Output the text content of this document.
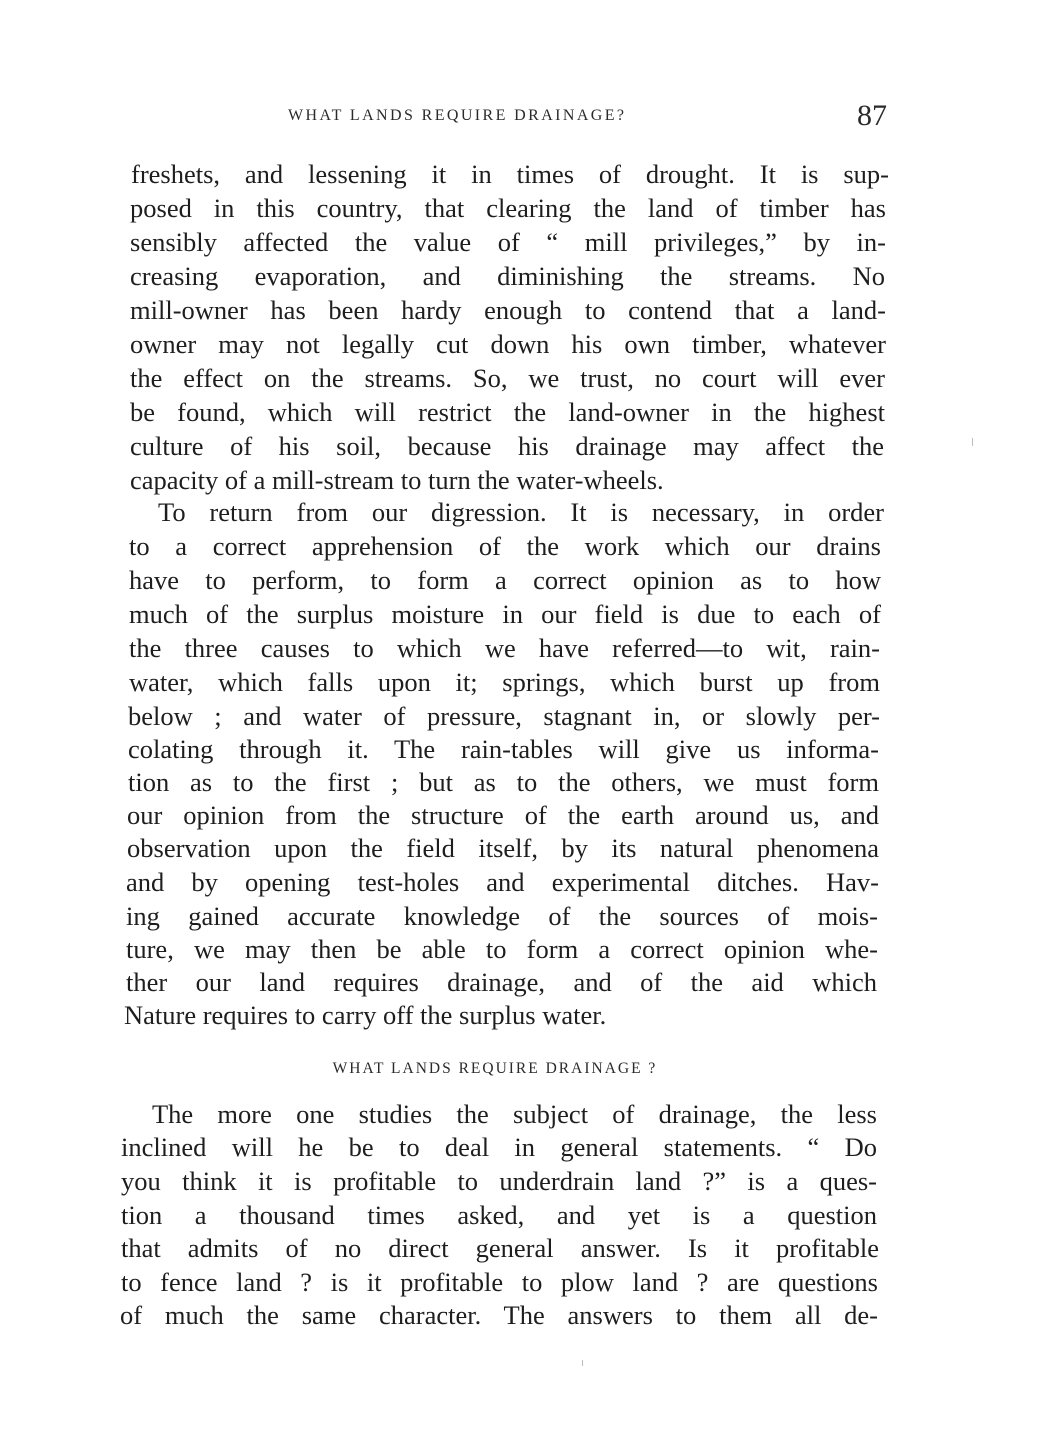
WHAT LANDS REQUIRE DRAINAGE?	87
freshets, and lessening it in times of drought. It is sup-
posed in this country, that clearing the land of timber has
sensibly affected the value of “ mill privileges,” by in-
creasing evaporation, and diminishing the streams. No
mill-owner has been hardy enough to contend that a land-
owner may not legally cut down his own timber, whatever
the effect on the streams. So, we trust, no court will ever
be found, which will restrict the land-owner in the highest
culture of his soil, because his drainage may affect the
capacity of a mill-stream to turn the water-wheels.
To return from our digression. It is necessary, in order
to a correct apprehension of the work which our drains
have to perform, to form a correct opinion as to how
much of the surplus moisture in our field is due to each of
the three causes to which we have referred—to wit, rain-
water, which falls upon it; springs, which burst up from
below ; and water of pressure, stagnant in, or slowly per-
colating through it. The rain-tables will give us informa-
tion as to the first ; but as to the others, we must form
our opinion from the structure of the earth around us, and
observation upon the field itself, by its natural phenomena
and by opening test-holes and experimental ditches. Hav-
ing gained accurate knowledge of the sources of mois-
ture, we may then be able to form a correct opinion whe-
ther our land requires drainage, and of the aid which
Nature requires to carry off the surplus water.
WHAT LANDS REQUIRE DRAINAGE ?
The more one studies the subject of drainage, the less
inclined will he be to deal in general statements. “ Do
you think it is profitable to underdrain land ?” is a ques-
tion a thousand times asked, and yet is a question
that admits of no direct general answer. Is it profitable
to fence land ? is it profitable to plow land ? are questions
of much the same character. The answers to them all de-
